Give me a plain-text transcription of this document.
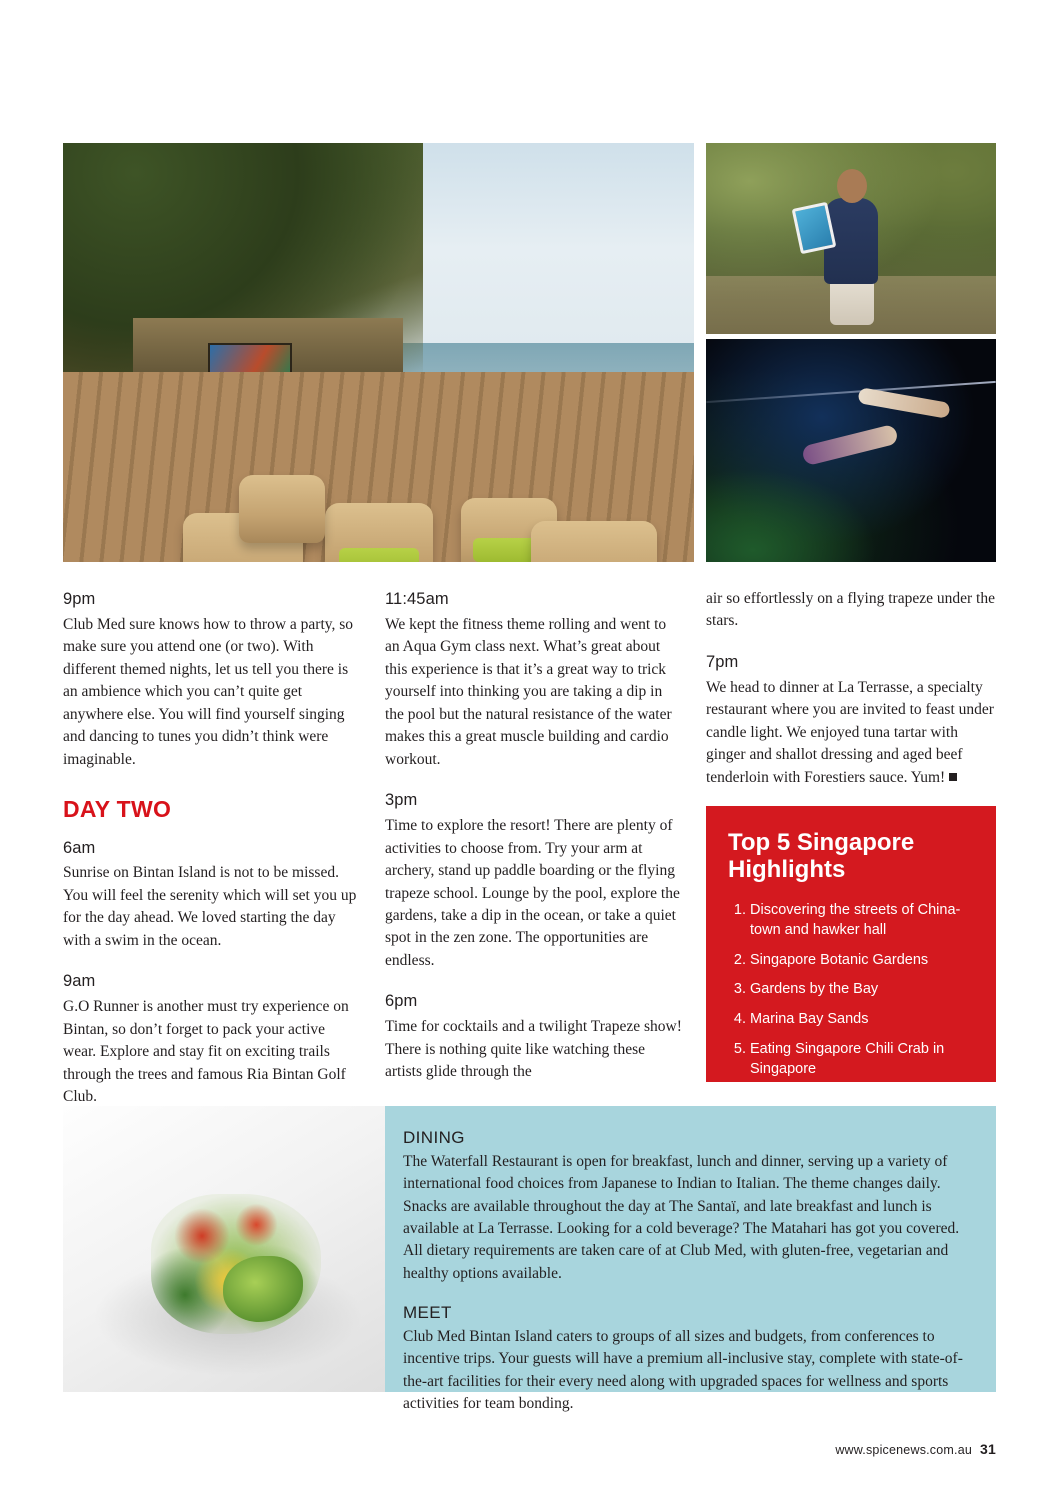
9pm

Club Med sure knows how to throw a party, so make sure you attend one (or two). With different themed nights, let us tell you there is an ambience which you can’t quite get anywhere else. You will find yourself singing and dancing to tunes you didn’t think were imaginable.

DAY TWO
6am

Sunrise on Bintan Island is not to be missed. You will feel the serenity which will set you up for the day ahead. We loved starting the day with a swim in the ocean.

9am

G.O Runner is another must try experience on Bintan, so don’t forget to pack your active wear. Explore and stay fit on exciting trails through the trees and famous Ria Bintan Golf Club.

11:45am

We kept the fitness theme rolling and went to an Aqua Gym class next. What’s great about this experience is that it’s a great way to trick yourself into thinking you are taking a dip in the pool but the natural resistance of the water makes this a great muscle building and cardio workout.

3pm

Time to explore the resort! There are plenty of activities to choose from. Try your arm at archery, stand up paddle boarding or the flying trapeze school. Lounge by the pool, explore the gardens, take a dip in the ocean, or take a quiet spot in the zen zone. The opportunities are endless.

6pm

Time for cocktails and a twilight Trapeze show! There is nothing quite like watching these artists glide through the

air so effortlessly on a flying trapeze under the stars.

7pm

We head to dinner at La Terrasse, a specialty restaurant where you are invited to feast under candle light. We enjoyed tuna tartar with ginger and shallot dressing and aged beef tenderloin with Forestiers sauce. Yum!

Top 5 Singapore Highlights
1. Discovering the streets of China-town and hawker hall
2. Singapore Botanic Gardens
3. Gardens by the Bay
4. Marina Bay Sands
5. Eating Singapore Chili Crab in Singapore
DINING

The Waterfall Restaurant is open for breakfast, lunch and dinner, serving up a variety of international food choices from Japanese to Indian to Italian. The theme changes daily. Snacks are available throughout the day at The Santaï, and late breakfast and lunch is available at La Terrasse. Looking for a cold beverage? The Matahari has got you covered. All dietary requirements are taken care of at Club Med, with gluten-free, vegetarian and healthy options available.

MEET

Club Med Bintan Island caters to groups of all sizes and budgets, from conferences to incentive trips. Your guests will have a premium all-inclusive stay, complete with state-of-the-art facilities for their every need along with upgraded spaces for wellness and sports activities for team bonding.

www.spicenews.com.au 31
